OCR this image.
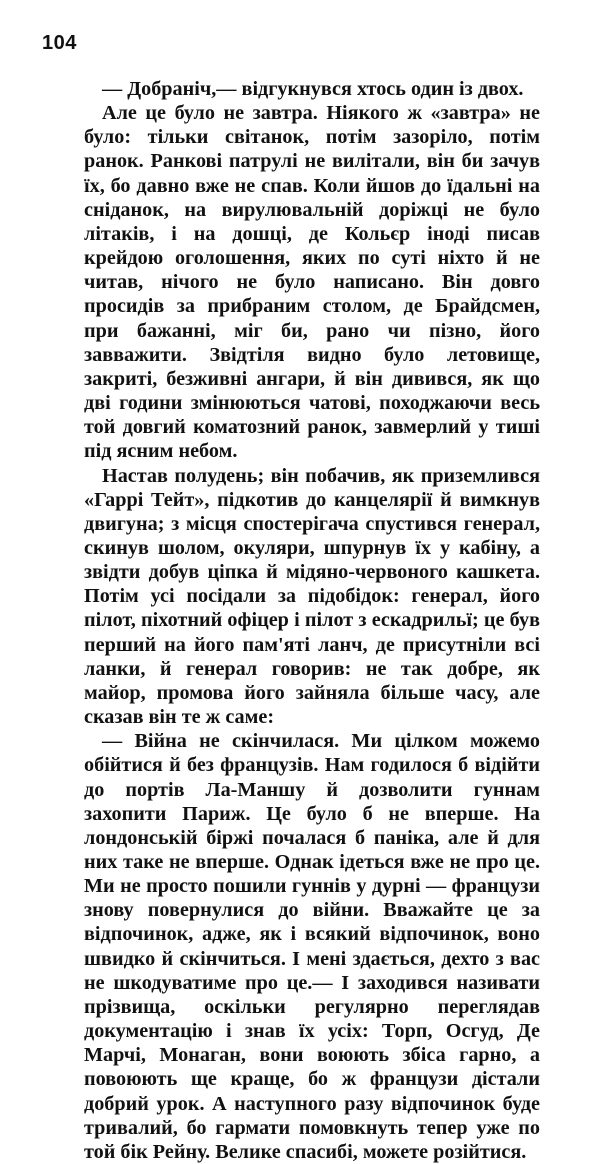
104

— Добраніч,— відгукнувся хтось один із двох.

Але це було не завтра. Ніякого ж «завтра» не було: тільки світанок, потім зазоріло, потім ранок. Ранкові патрулі не вилітали, він би зачув їх, бо давно вже не спав. Коли йшов до їдальні на сніданок, на вирулювальній доріжці не було літаків, і на дошці, де Кольєр іноді писав крейдою оголошення, яких по суті ніхто й не читав, нічого не було написано. Він довго просидів за прибраним столом, де Брайдсмен, при бажанні, міг би, рано чи пізно, його завважити. Звідтіля видно було летовище, закриті, безживні ангари, й він дивився, як що дві години змінюються чатові, походжаючи весь той довгий коматозний ранок, завмерлий у тиші під ясним небом.

Настав полудень; він побачив, як приземлився «Гаррі Тейт», підкотив до канцелярії й вимкнув двигуна; з місця спостерігача спустився генерал, скинув шолом, окуляри, шпурнув їх у кабіну, а звідти добув ціпка й мідяно-червоного кашкета. Потім усі посідали за підобідок: генерал, його пілот, піхотний офіцер і пілот з ескадрильї; це був перший на його пам'яті ланч, де присутніли всі ланки, й генерал говорив: не так добре, як майор, промова його зайняла більше часу, але сказав він те ж саме:

— Війна не скінчилася. Ми цілком можемо обійтися й без французів. Нам годилося б відійти до портів Ла-Маншу й дозволити гуннам захопити Париж. Це було б не вперше. На лондонській біржі почалася б паніка, але й для них таке не вперше. Однак ідеться вже не про це. Ми не просто пошили гуннів у дурні — французи знову повернулися до війни. Вважайте це за відпочинок, адже, як і всякий відпочинок, воно швидко й скінчиться. І мені здається, дехто з вас не шкодуватиме про це.— І заходився називати прізвища, оскільки регулярно переглядав документацію і знав їх усіх: Торп, Осгуд, Де Марчі, Монаган, вони воюють збіса гарно, а повоюють ще краще, бо ж французи дістали добрий урок. А наступного разу відпочинок буде тривалий, бо гармати помовкнуть тепер уже по той бік Рейну. Велике спасибі, можете розійтися.
